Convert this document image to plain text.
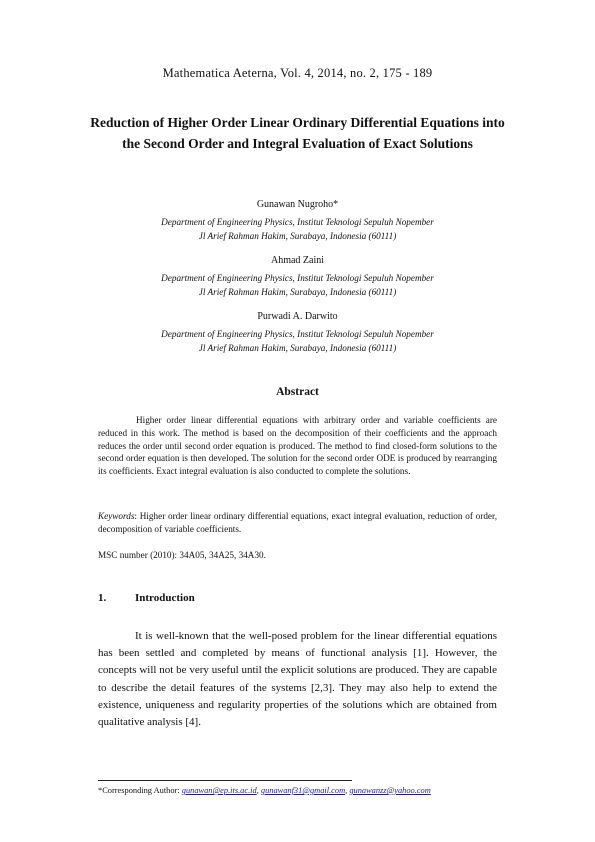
Mathematica Aeterna, Vol. 4, 2014, no. 2, 175 - 189
Reduction of Higher Order Linear Ordinary Differential Equations into the Second Order and Integral Evaluation of Exact Solutions
Gunawan Nugroho*
Department of Engineering Physics, Institut Teknologi Sepuluh Nopember
Jl Arief Rahman Hakim, Surabaya, Indonesia (60111)
Ahmad Zaini
Department of Engineering Physics, Institut Teknologi Sepuluh Nopember
Jl Arief Rahman Hakim, Surabaya, Indonesia (60111)
Purwadi A. Darwito
Department of Engineering Physics, Institut Teknologi Sepuluh Nopember
Jl Arief Rahman Hakim, Surabaya, Indonesia (60111)
Abstract
Higher order linear differential equations with arbitrary order and variable coefficients are reduced in this work. The method is based on the decomposition of their coefficients and the approach reduces the order until second order equation is produced. The method to find closed-form solutions to the second order equation is then developed. The solution for the second order ODE is produced by rearranging its coefficients. Exact integral evaluation is also conducted to complete the solutions.
Keywords: Higher order linear ordinary differential equations, exact integral evaluation, reduction of order, decomposition of variable coefficients.
MSC number (2010): 34A05, 34A25, 34A30.
1.	Introduction
It is well-known that the well-posed problem for the linear differential equations has been settled and completed by means of functional analysis [1]. However, the concepts will not be very useful until the explicit solutions are produced. They are capable to describe the detail features of the systems [2,3]. They may also help to extend the existence, uniqueness and regularity properties of the solutions which are obtained from qualitative analysis [4].
*Corresponding Author: gunawan@ep.its.ac.id, gunawanf31@gmail.com, gunawanzz@yahoo.com
